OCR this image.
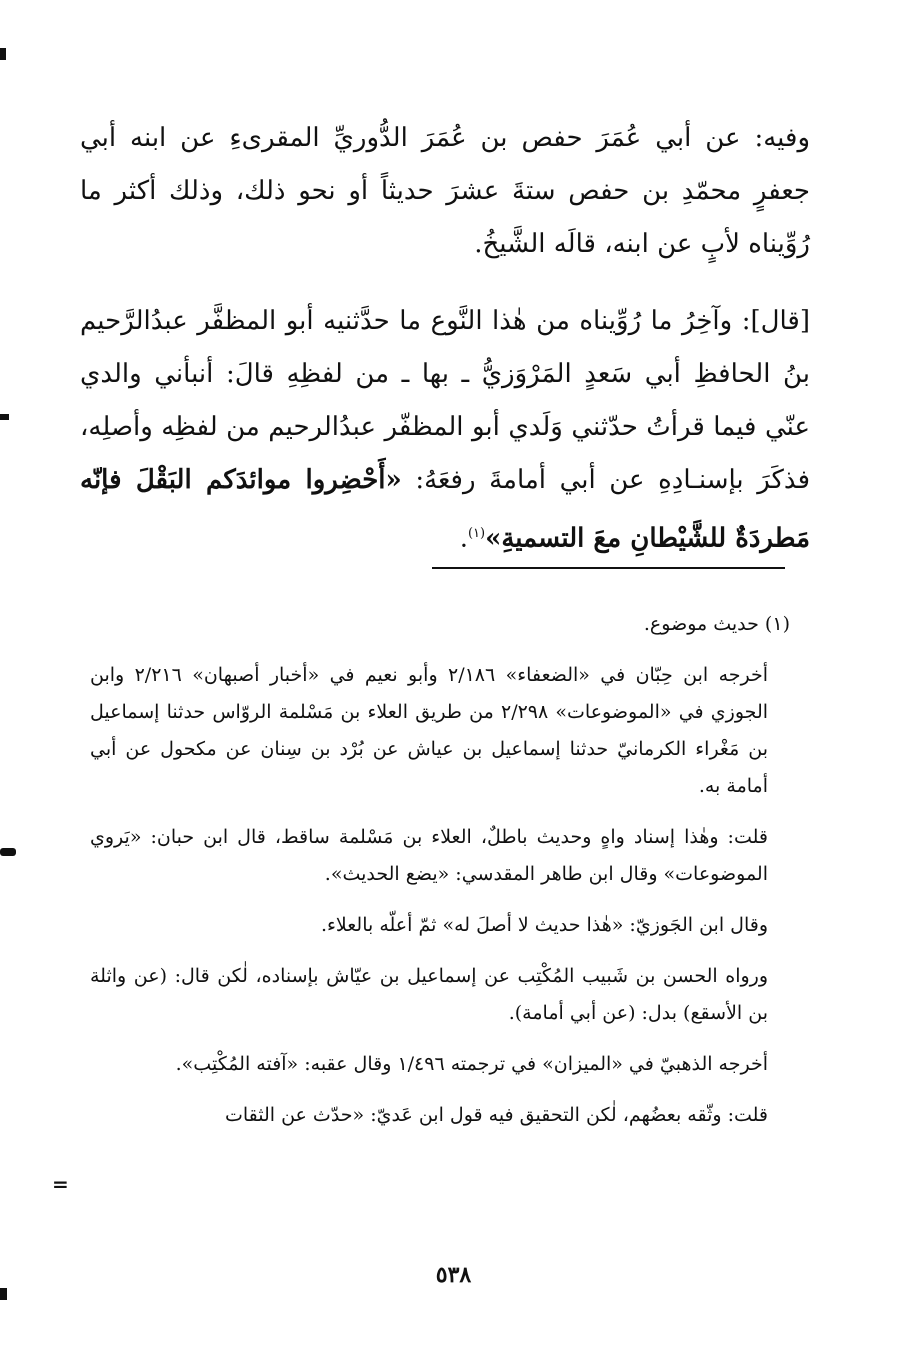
وفيه: عن أبي عُمَرَ حفص بن عُمَرَ الدُّوريِّ المقرىءِ عن ابنه أبي جعفرٍ محمّدِ بن حفص ستةَ عشرَ حديثاً أو نحو ذلك، وذلك أكثر ما رُوِّيناه لأبٍ عن ابنه، قالَه الشَّيخُ.

[قال]: وآخِرُ ما رُوِّيناه من هٰذا النَّوع ما حدَّثنيه أبو المظفَّر عبدُالرَّحيم بنُ الحافظِ أبي سَعدٍ المَرْوَزيُّ ـ بها ـ من لفظِهِ قالَ: أنبأني والدي عنّي فيما قرأتُ حدّثني وَلَدي أبو المظفّر عبدُالرحيم من لفظِه وأصلِه، فذكَرَ بإسنـادِهِ عن أبي أمامةَ رفعَهُ: «أَحْضِروا موائدَكم البَقْلَ فإنّه مَطردَةٌ للشَّيْطانِ معَ التسميةِ»$^{(١)}$.

(١) حديث موضوع.

أخرجه ابن حِبّان في «الضعفاء» ٢/١٨٦ وأبو نعيم في «أخبار أصبهان» ٢/٢١٦ وابن الجوزي في «الموضوعات» ٢/٢٩٨ من طريق العلاء بن مَسْلمة الروّاس حدثنا إسماعيل بن مَغْراء الكرمانيّ حدثنا إسماعيل بن عياش عن بُرْد بن سِنان عن مكحول عن أبي أمامة به.

قلت: وهٰذا إسناد واهٍ وحديث باطلٌ، العلاء بن مَسْلمة ساقط، قال ابن حبان: «يَروي الموضوعات» وقال ابن طاهر المقدسي: «يضع الحديث».

وقال ابن الجَوزيّ: «هٰذا حديث لا أصلَ له» ثمّ أعلّه بالعلاء.

ورواه الحسن بن شَبيب المُكْتِب عن إسماعيل بن عيّاش بإسناده، لٰكن قال: (عن واثلة بن الأسقع) بدل: (عن أبي أمامة).

أخرجه الذهبيّ في «الميزان» في ترجمته ١/٤٩٦ وقال عقبه: «آفته المُكْتِب».

قلت: وثّقه بعضُهم، لٰكن التحقيق فيه قول ابن عَديّ: «حدّث عن الثقات

=
٥٣٨
